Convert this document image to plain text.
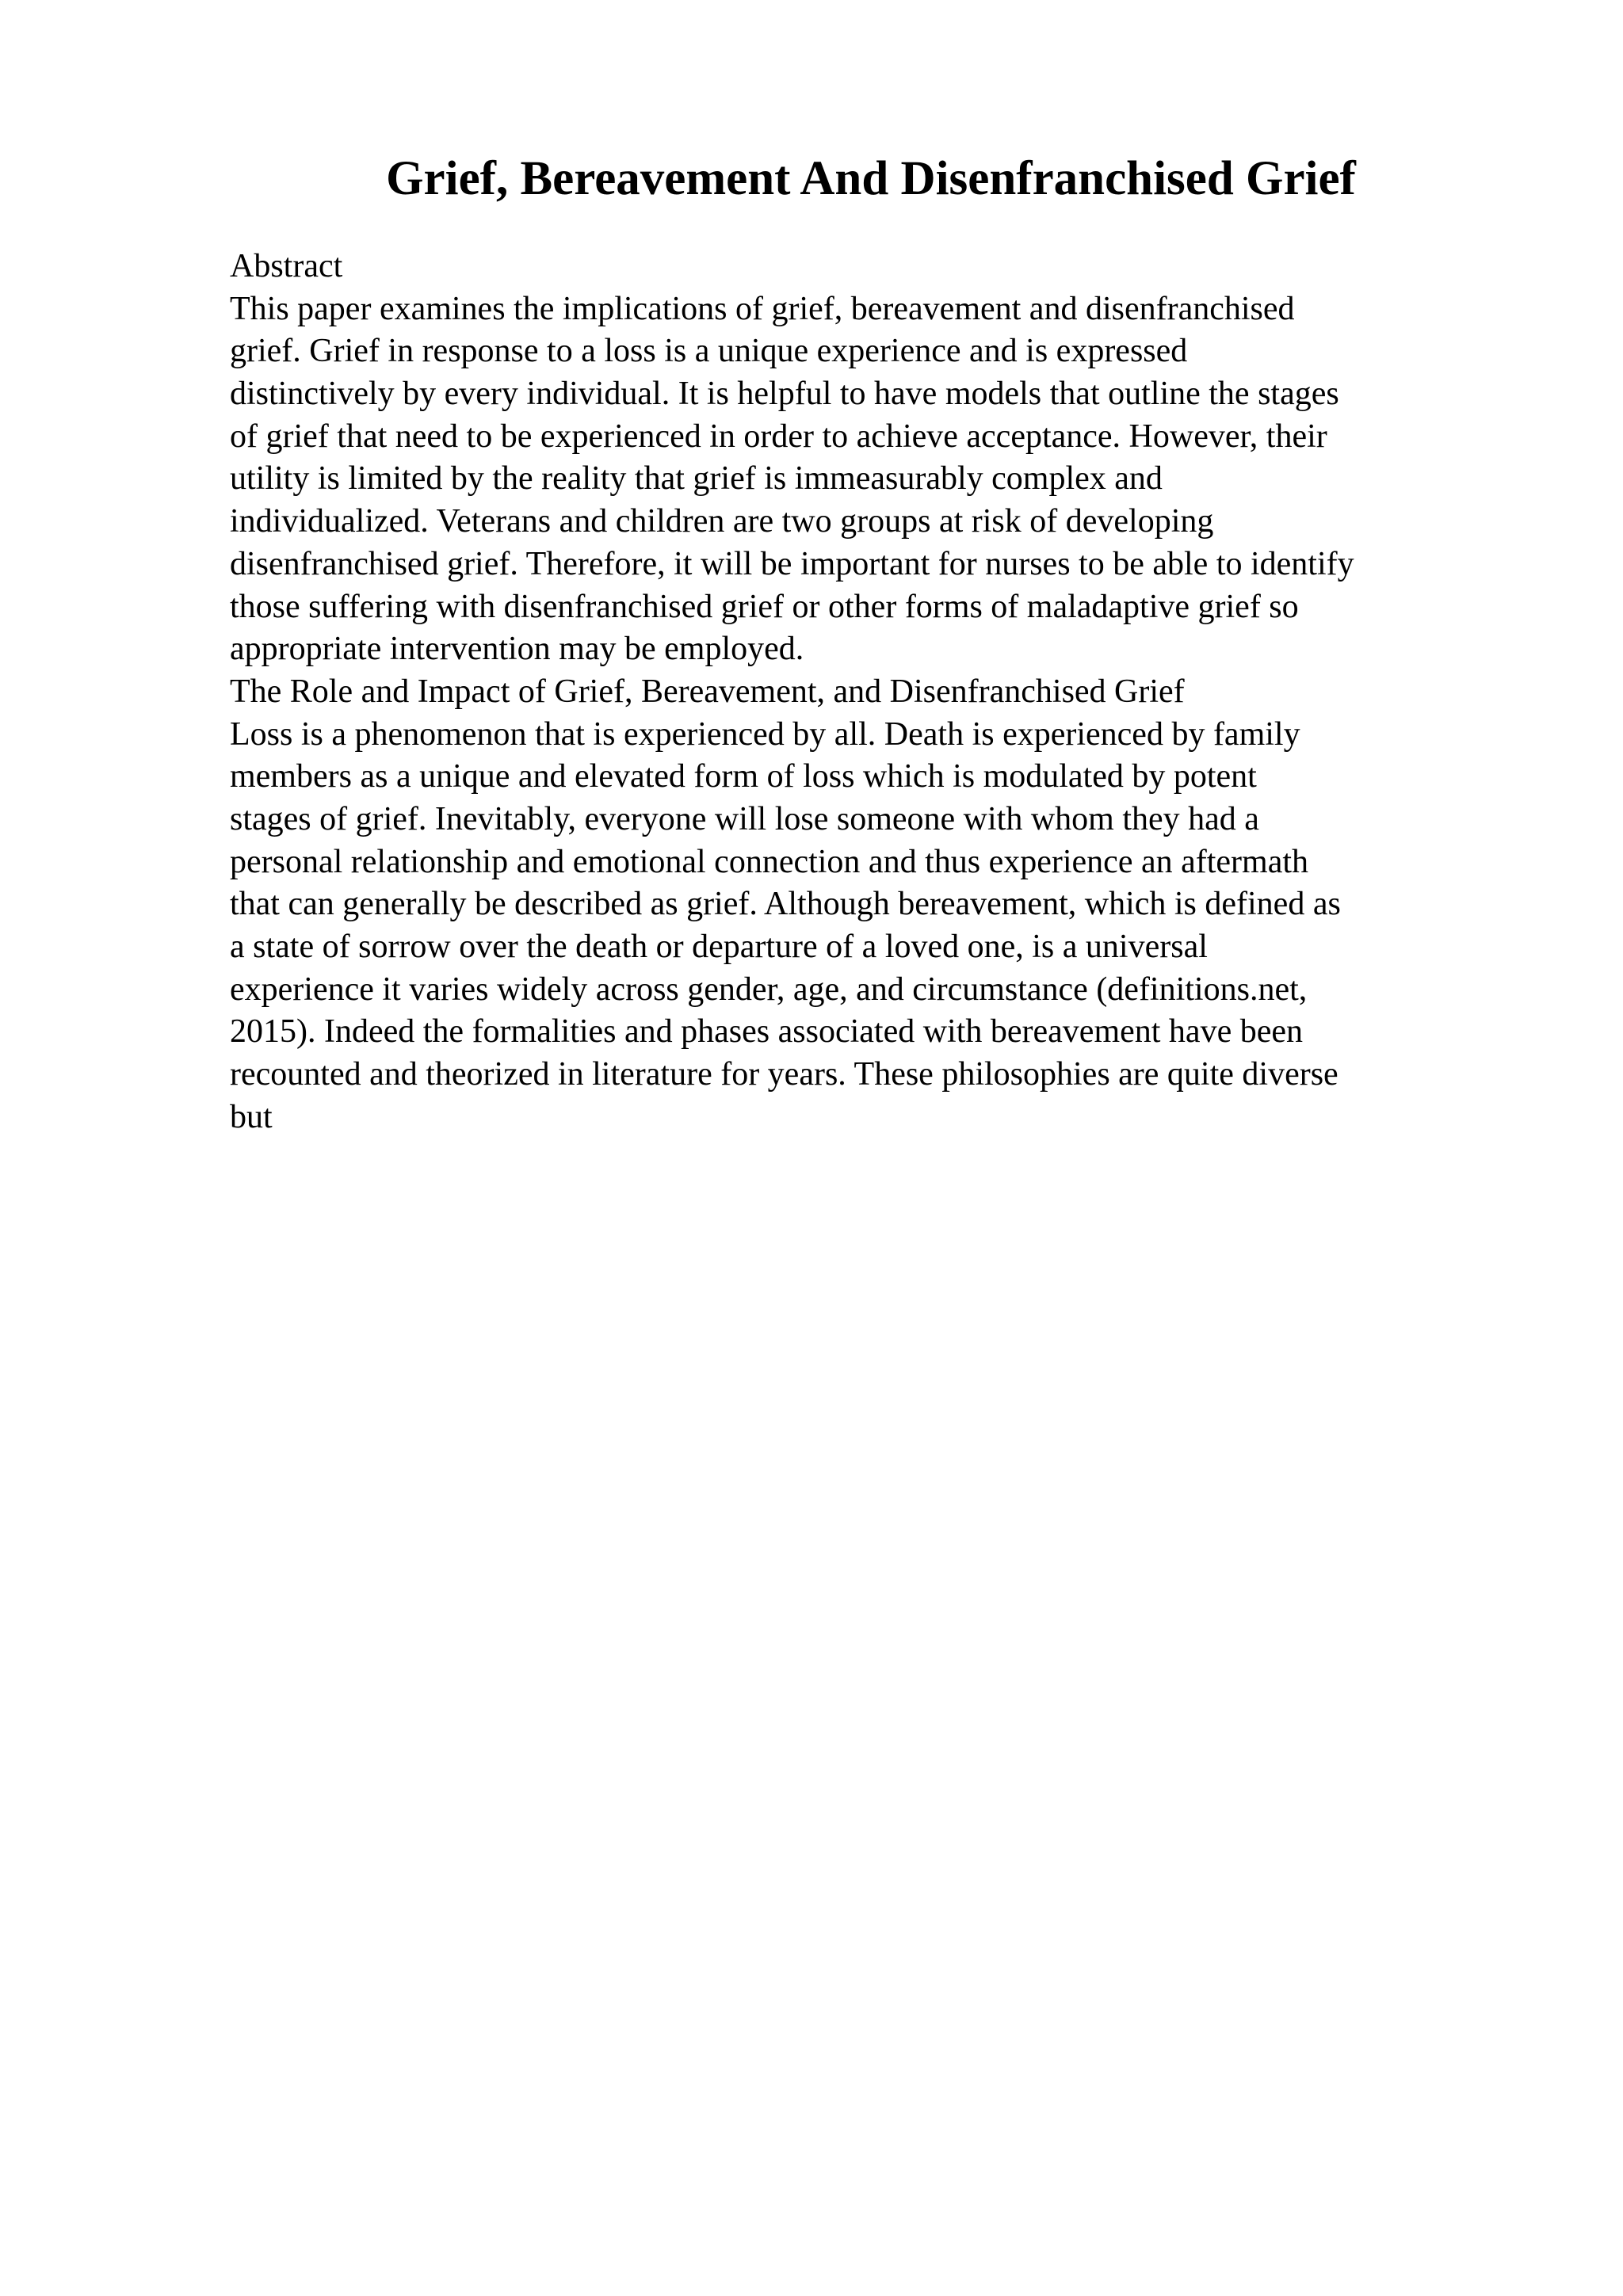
Grief, Bereavement And Disenfranchised Grief
Abstract
This paper examines the implications of grief, bereavement and disenfranchised
grief. Grief in response to a loss is a unique experience and is expressed
distinctively by every individual. It is helpful to have models that outline the stages
of grief that need to be experienced in order to achieve acceptance. However, their
utility is limited by the reality that grief is immeasurably complex and
individualized. Veterans and children are two groups at risk of developing
disenfranchised grief. Therefore, it will be important for nurses to be able to identify
those suffering with disenfranchised grief or other forms of maladaptive grief so
appropriate intervention may be employed.
The Role and Impact of Grief, Bereavement, and Disenfranchised Grief
Loss is a phenomenon that is experienced by all. Death is experienced by family
members as a unique and elevated form of loss which is modulated by potent
stages of grief. Inevitably, everyone will lose someone with whom they had a
personal relationship and emotional connection and thus experience an aftermath
that can generally be described as grief. Although bereavement, which is defined as
a state of sorrow over the death or departure of a loved one, is a universal
experience it varies widely across gender, age, and circumstance (definitions.net,
2015). Indeed the formalities and phases associated with bereavement have been
recounted and theorized in literature for years. These philosophies are quite diverse
but
